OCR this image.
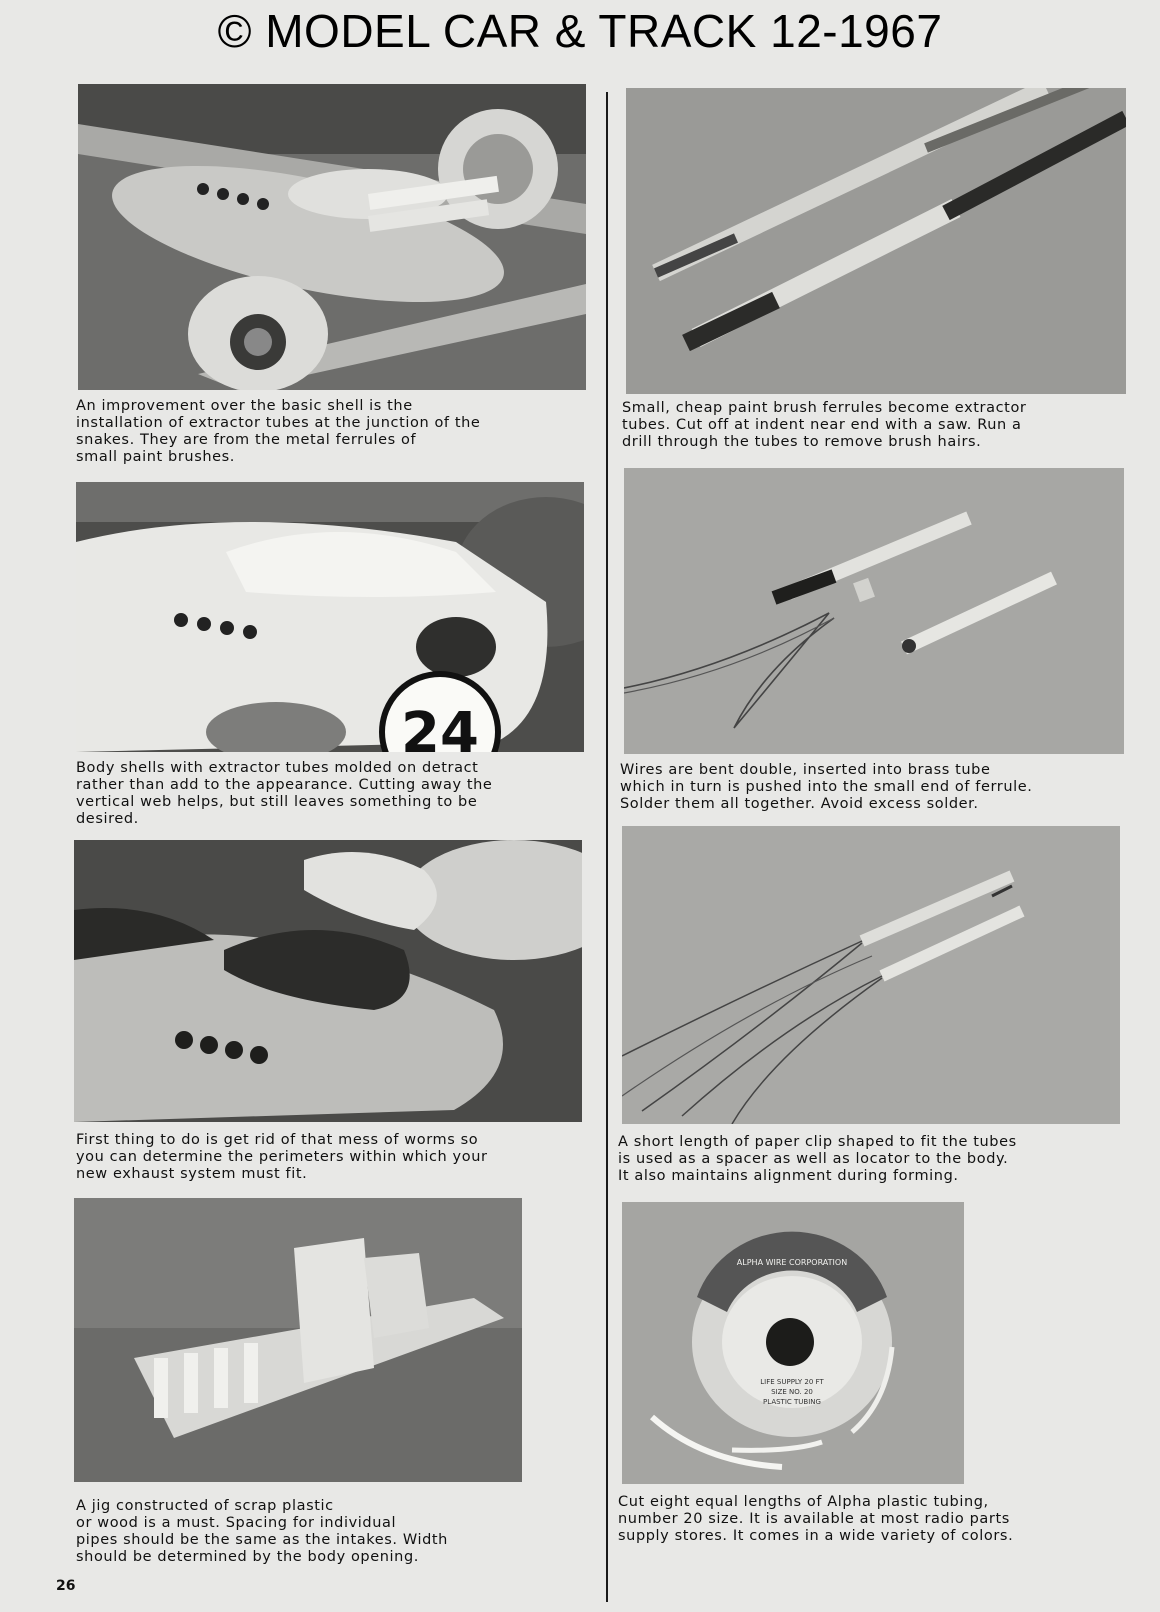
© MODEL CAR & TRACK 12-1967
An improvement over the basic shell is the
installation of extractor tubes at the junction of the
snakes. They are from the metal ferrules of
small paint brushes.
Small, cheap paint brush ferrules become extractor
tubes. Cut off at indent near end with a saw. Run a
drill through the tubes to remove brush hairs.
24
Body shells with extractor tubes molded on detract
rather than add to the appearance. Cutting away the
vertical web helps, but still leaves something to be
desired.
Wires are bent double, inserted into brass tube
which in turn is pushed into the small end of ferrule.
Solder them all together. Avoid excess solder.
First thing to do is get rid of that mess of worms so
you can determine the perimeters within which your
new exhaust system must fit.
A short length of paper clip shaped to fit the tubes
is used as a spacer as well as locator to the body.
It also maintains alignment during forming.
A jig constructed of scrap plastic
or wood is a must. Spacing for individual
pipes should be the same as the intakes. Width
should be determined by the body opening.
ALPHA WIRE CORPORATION
LIFE SUPPLY 20 FT
SIZE NO. 20
PLASTIC TUBING
Cut eight equal lengths of Alpha plastic tubing,
number 20 size. It is available at most radio parts
supply stores. It comes in a wide variety of colors.
26
